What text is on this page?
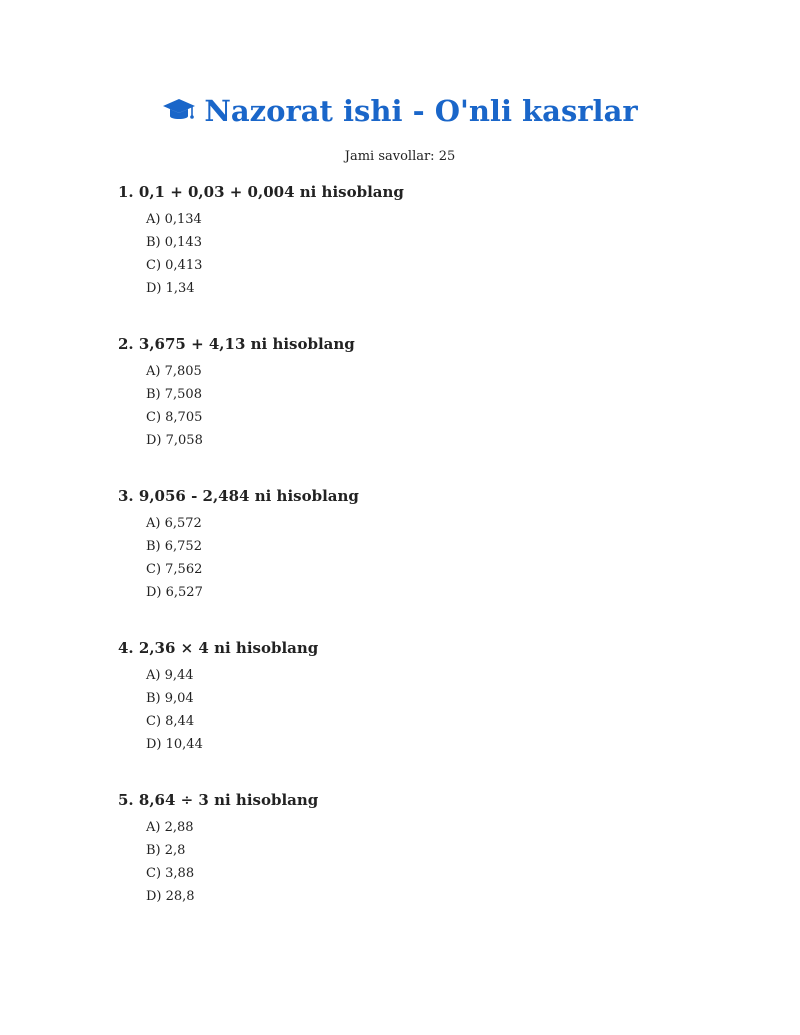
Nazorat ishi - O'nli kasrlar
Jami savollar: 25
1. 0,1 + 0,03 + 0,004 ni hisoblang
A) 0,134
B) 0,143
C) 0,413
D) 1,34
2. 3,675 + 4,13 ni hisoblang
A) 7,805
B) 7,508
C) 8,705
D) 7,058
3. 9,056 - 2,484 ni hisoblang
A) 6,572
B) 6,752
C) 7,562
D) 6,527
4. 2,36 × 4 ni hisoblang
A) 9,44
B) 9,04
C) 8,44
D) 10,44
5. 8,64 ÷ 3 ni hisoblang
A) 2,88
B) 2,8
C) 3,88
D) 28,8
